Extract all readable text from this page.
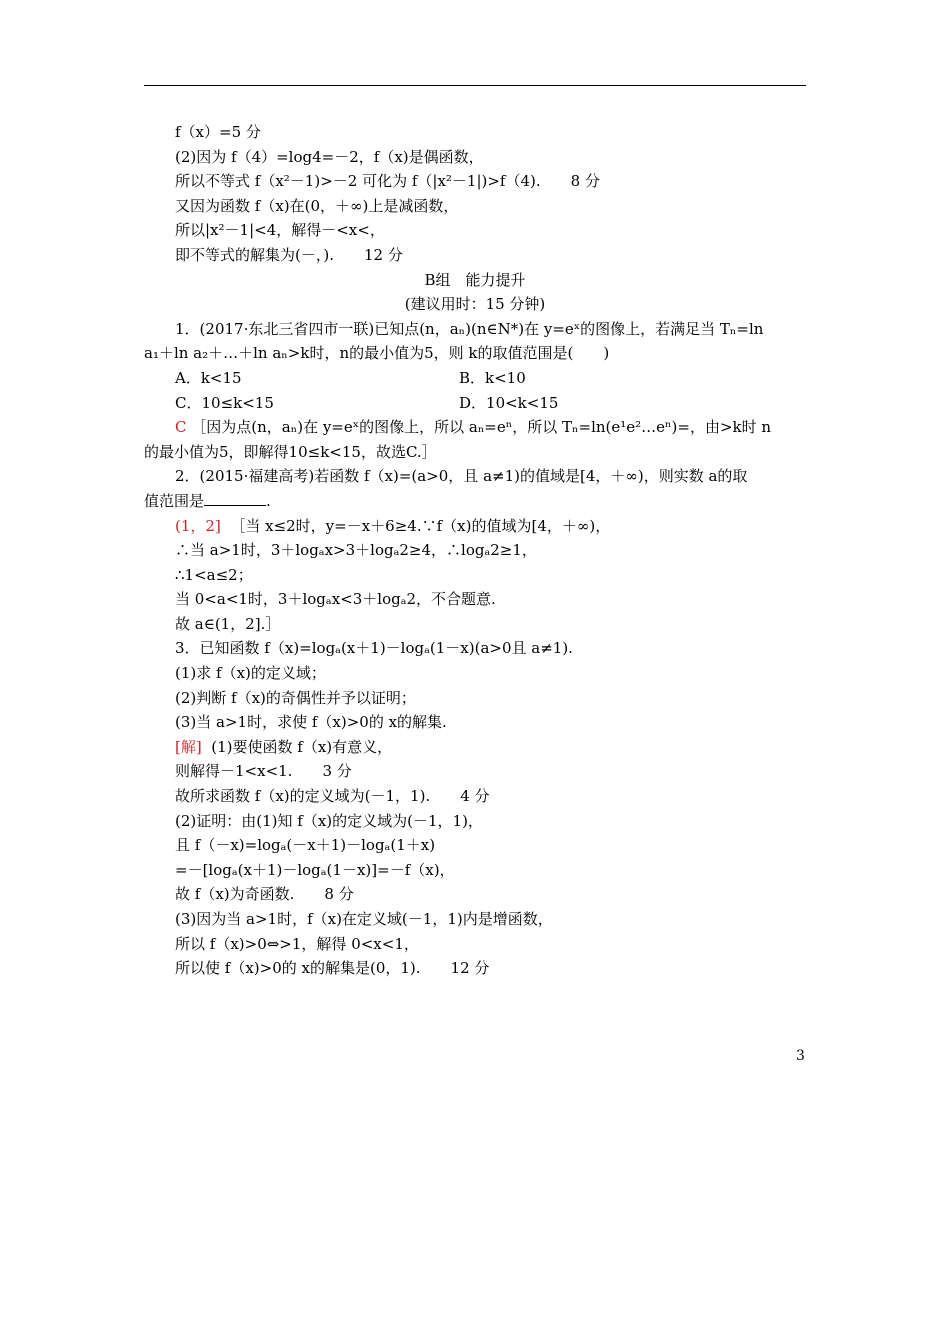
f（x）=5 分
(2)因为 f（4）=log4=－2，f（x)是偶函数，
所以不等式 f（x²－1)>－2 可化为 f（|x²－1|)>f（4).　　8 分
又因为函数 f（x)在(0，＋∞)上是减函数，
所以|x²－1|<4，解得－<x<，
即不等式的解集为(－，).　　12 分
B组　能力提升
(建议用时：15 分钟)
1．(2017·东北三省四市一联)已知点(n，aₙ)(n∈N*)在 y=eˣ的图像上，若满足当 Tₙ=ln
a₁＋ln a₂＋…＋ln aₙ>k时，n的最小值为5，则 k的取值范围是(　　)
A．k<15	B．k<10
C．10≤k<15	D．10<k<15
C ［因为点(n，aₙ)在 y=eˣ的图像上，所以 aₙ=eⁿ，所以 Tₙ=ln(e¹e²…eⁿ)=，由>k时 n
的最小值为5，即解得10≤k<15，故选C.］
2．(2015·福建高考)若函数 f（x)=(a>0，且 a≠1)的值域是[4，＋∞)，则实数 a的取
值范围是	.
(1，2] ［当 x≤2时，y=－x＋6≥4.∵f（x)的值域为[4，＋∞)，
∴当 a>1时，3＋logₐx>3＋logₐ2≥4，∴logₐ2≥1，
∴1<a≤2；
当 0<a<1时，3＋logₐx<3＋logₐ2，不合题意.
故 a∈(1，2].］
3．已知函数 f（x)=logₐ(x＋1)－logₐ(1－x)(a>0且 a≠1).
(1)求 f（x)的定义域；
(2)判断 f（x)的奇偶性并予以证明；
(3)当 a>1时，求使 f（x)>0的 x的解集.
[解] (1)要使函数 f（x)有意义，
则解得－1<x<1.　　3 分
故所求函数 f（x)的定义域为(－1，1).　　4 分
(2)证明：由(1)知 f（x)的定义域为(－1，1)，
且 f（－x)=logₐ(－x＋1)－logₐ(1＋x)
=－[logₐ(x＋1)－logₐ(1－x)]=－f（x)，
故 f（x)为奇函数.　　8 分
(3)因为当 a>1时，f（x)在定义域(－1，1)内是增函数，
所以 f（x)>0⇔>1，解得 0<x<1，
所以使 f（x)>0的 x的解集是(0，1).　　12 分
3
